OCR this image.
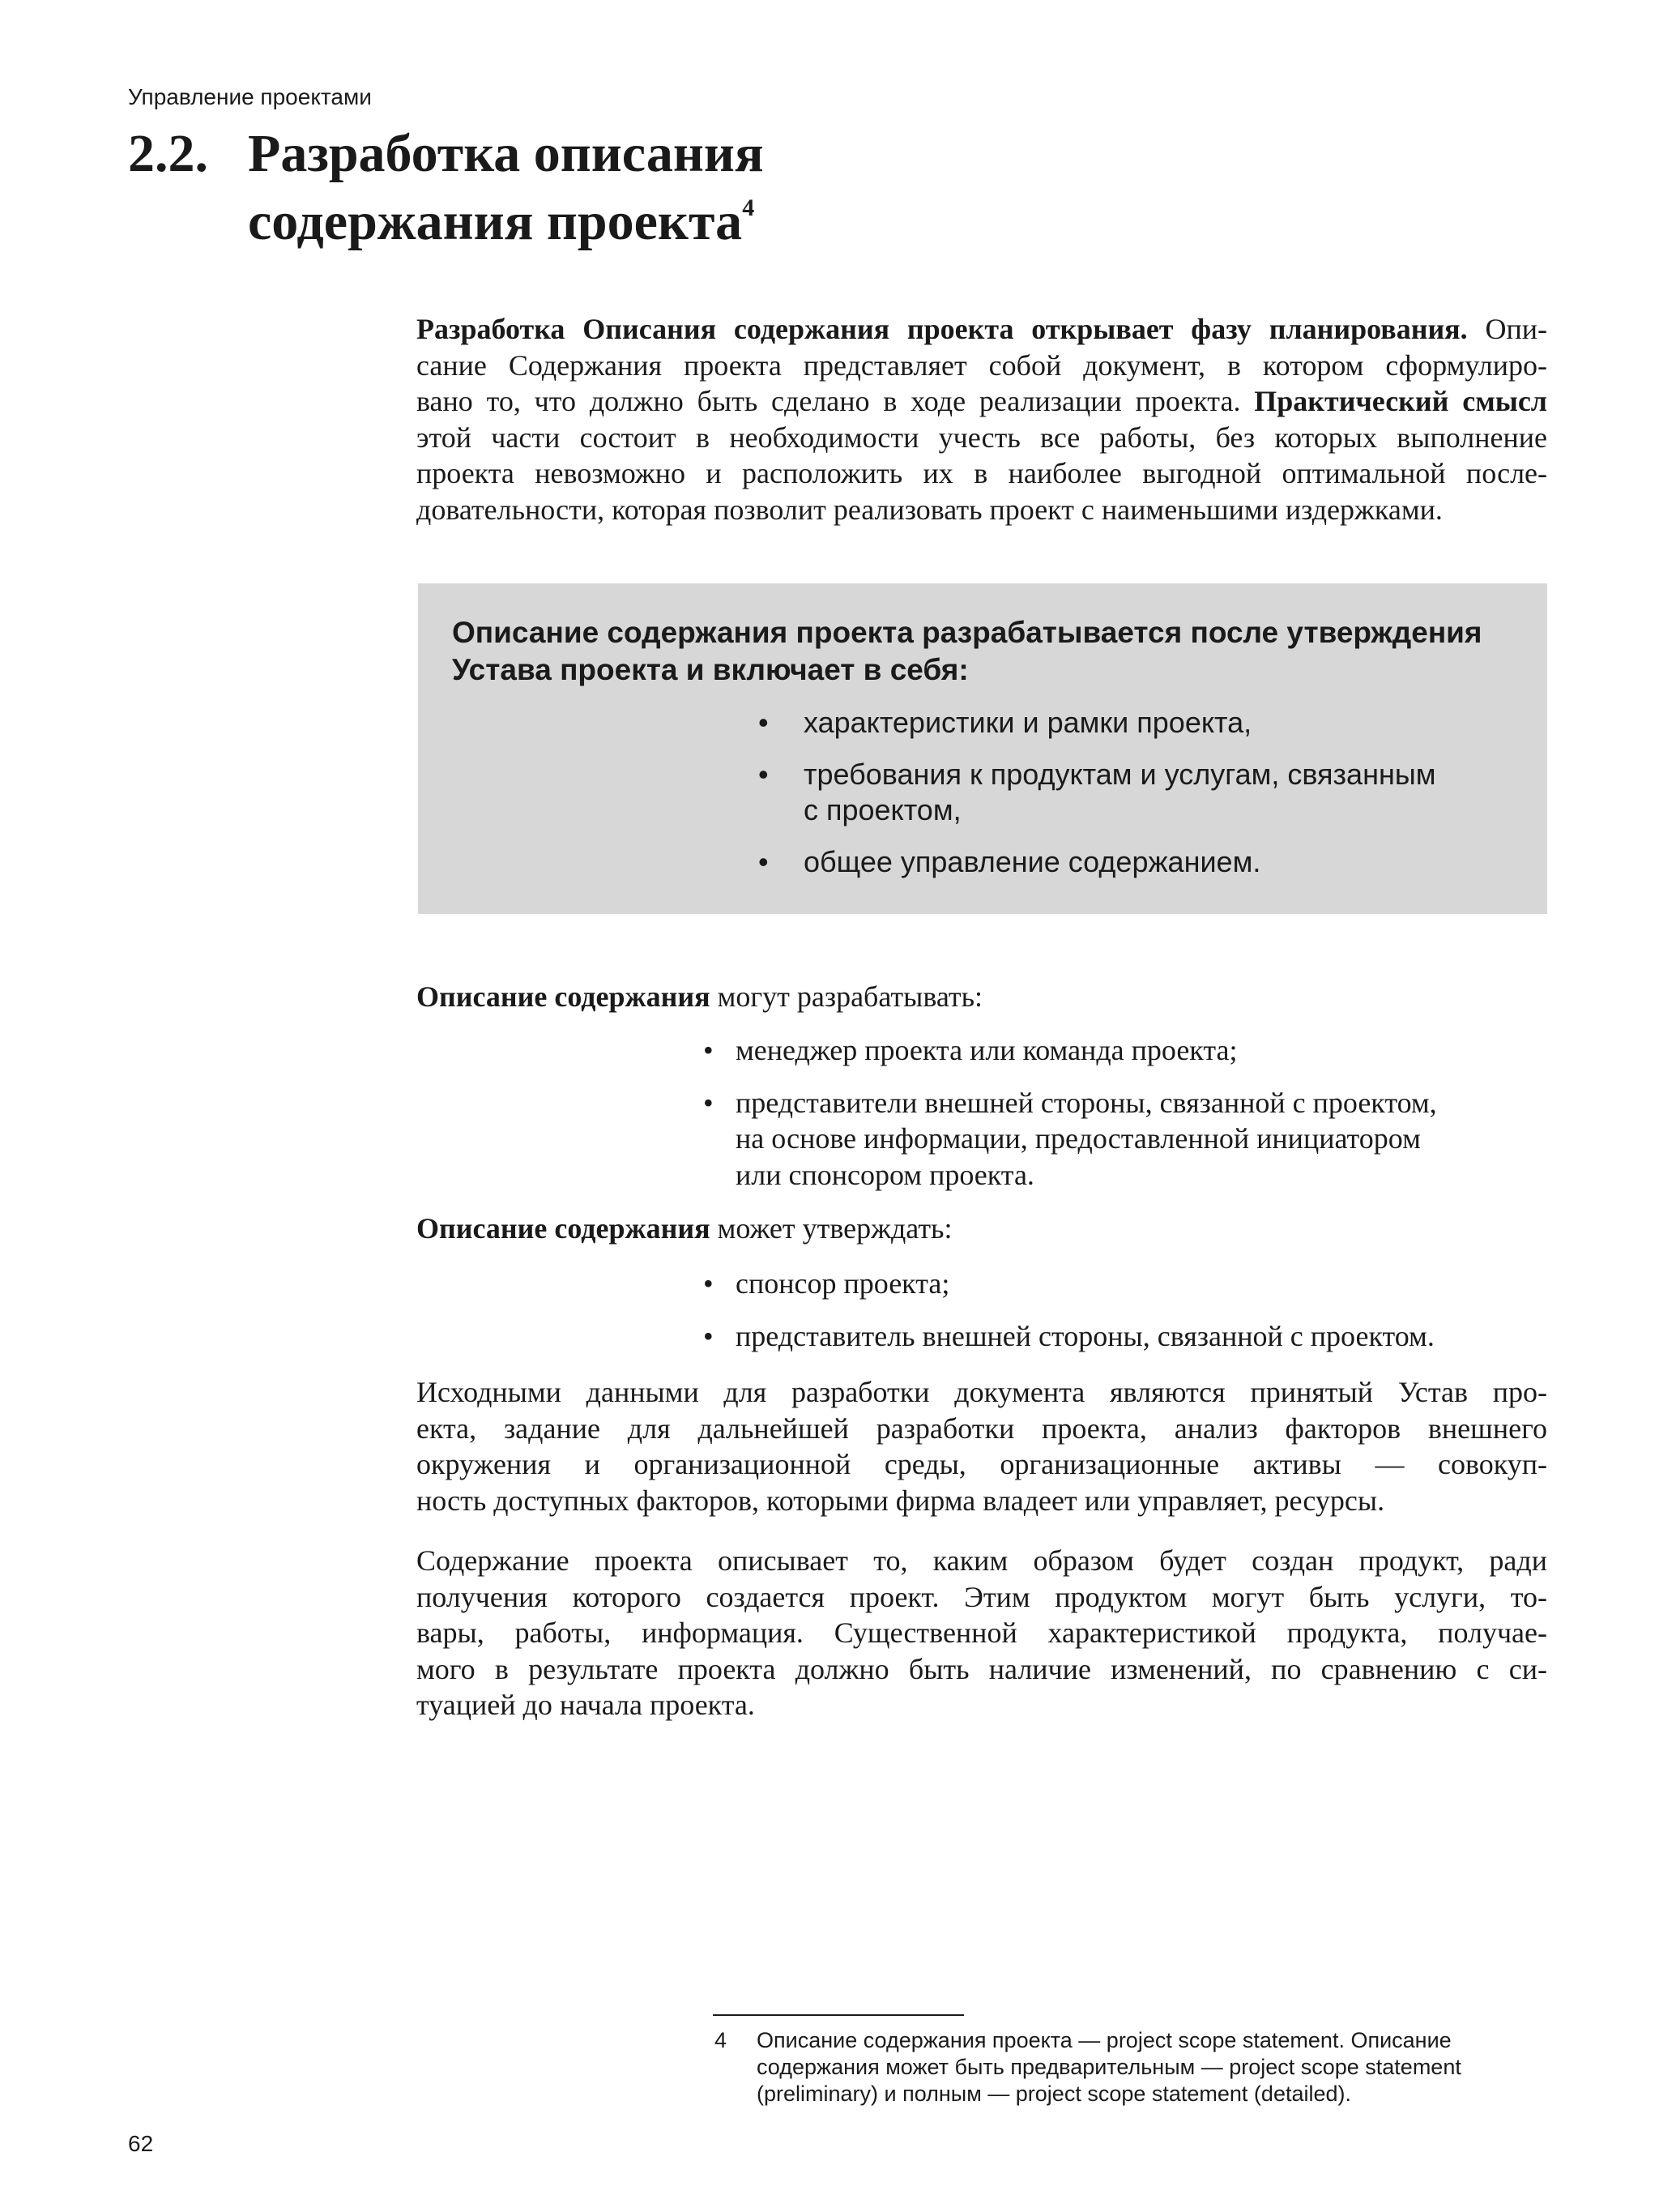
Управление проектами
2.2. Разработка описания
содержания проекта$^4$
Разработка Описания содержания проекта открывает фазу планирования. Опи-
сание Содержания проекта представляет собой документ, в котором сформулиро-
вано то, что должно быть сделано в ходе реализации проекта. Практический смысл
этой части состоит в необходимости учесть все работы, без которых выполнение
проекта невозможно и расположить их в наиболее выгодной оптимальной после-
довательности, которая позволит реализовать проект с наименьшими издержками.
Описание содержания проекта разрабатывается после утверждения
Устава проекта и включает в себя:
• характеристики и рамки проекта,
• требования к продуктам и услугам, связанным
с проектом,
• общее управление содержанием.
Описание содержания могут разрабатывать:
• менеджер проекта или команда проекта;
• представители внешней стороны, связанной с проектом,
на основе информации, предоставленной инициатором
или спонсором проекта.
Описание содержания может утверждать:
• спонсор проекта;
• представитель внешней стороны, связанной с проектом.
Исходными данными для разработки документа являются принятый Устав про-
екта, задание для дальнейшей разработки проекта, анализ факторов внешнего
окружения и организационной среды, организационные активы — совокуп-
ность доступных факторов, которыми фирма владеет или управляет, ресурсы.
Содержание проекта описывает то, каким образом будет создан продукт, ради
получения которого создается проект. Этим продуктом могут быть услуги, то-
вары, работы, информация. Существенной характеристикой продукта, получае-
мого в результате проекта должно быть наличие изменений, по сравнению с си-
туацией до начала проекта.
4 Описание содержания проекта — project scope statement. Описание
содержания может быть предварительным — project scope statement
(preliminary) и полным — project scope statement (detailed).
62
